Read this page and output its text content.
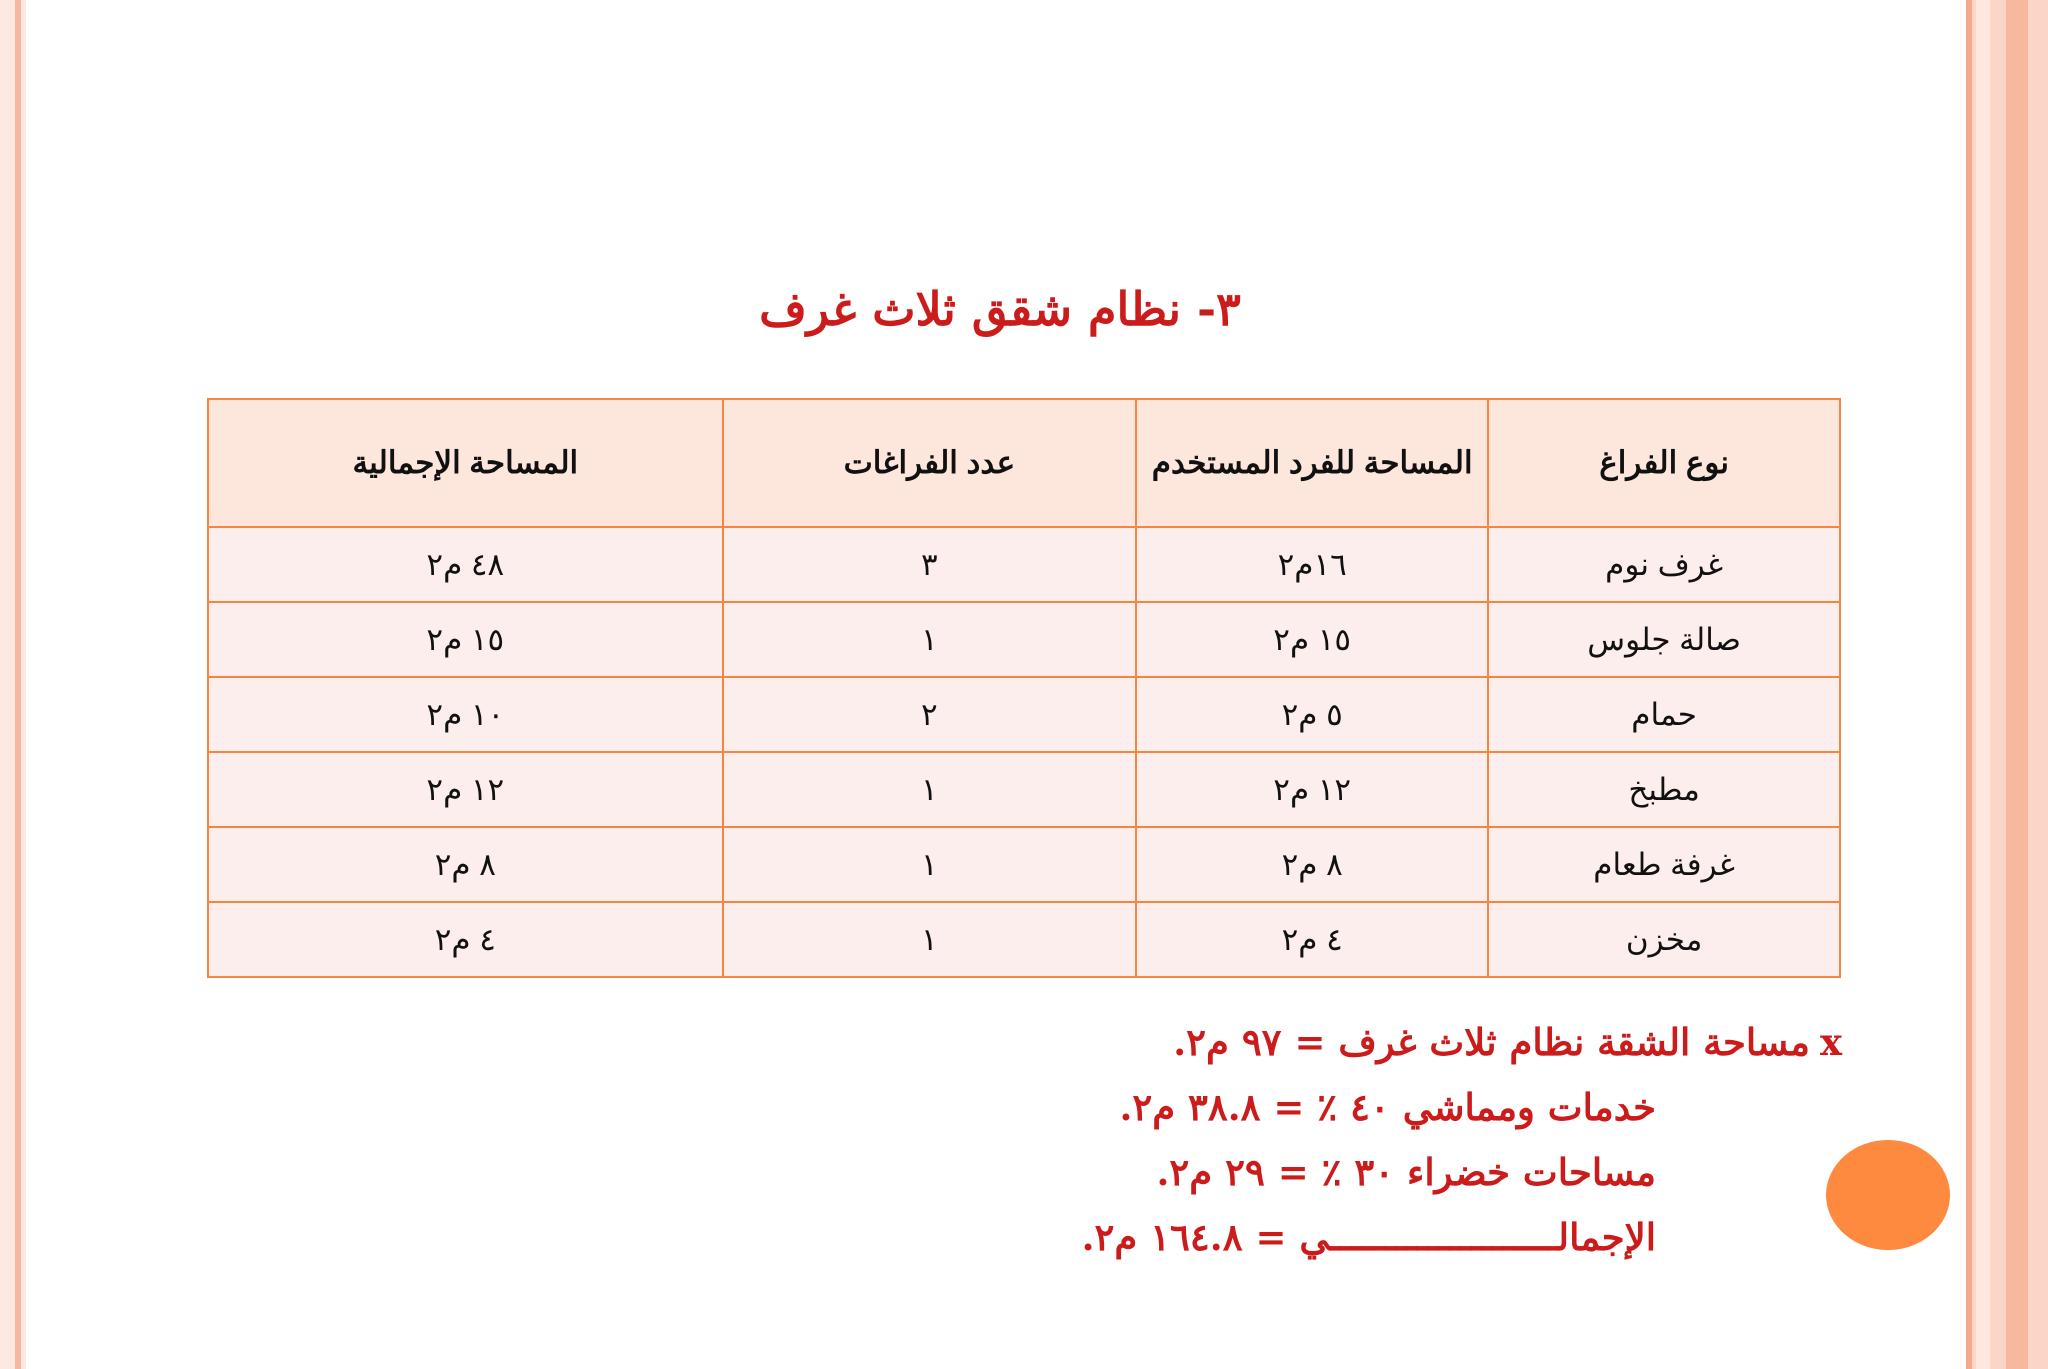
٣- نظام شقق ثلاث غرف
نوع الفراغ	المساحة للفرد المستخدم	عدد الفراغات	المساحة الإجمالية
غرف نوم	١٦م٢	٣	٤٨ م٢
صالة جلوس	١٥ م٢	١	١٥ م٢
حمام	٥ م٢	٢	١٠ م٢
مطبخ	١٢ م٢	١	١٢ م٢
غرفة طعام	٨ م٢	١	٨ م٢
مخزن	٤ م٢	١	٤ م٢
xمساحة الشقة نظام ثلاث غرف = ٩٧ م٢.
خدمات ومماشي ٤٠ ٪ = ٣٨.٨ م٢.
مساحات خضراء ٣٠ ٪ = ٢٩ م٢.
الإجمالـــــــــــــــــــــي = ١٦٤.٨ م٢.
